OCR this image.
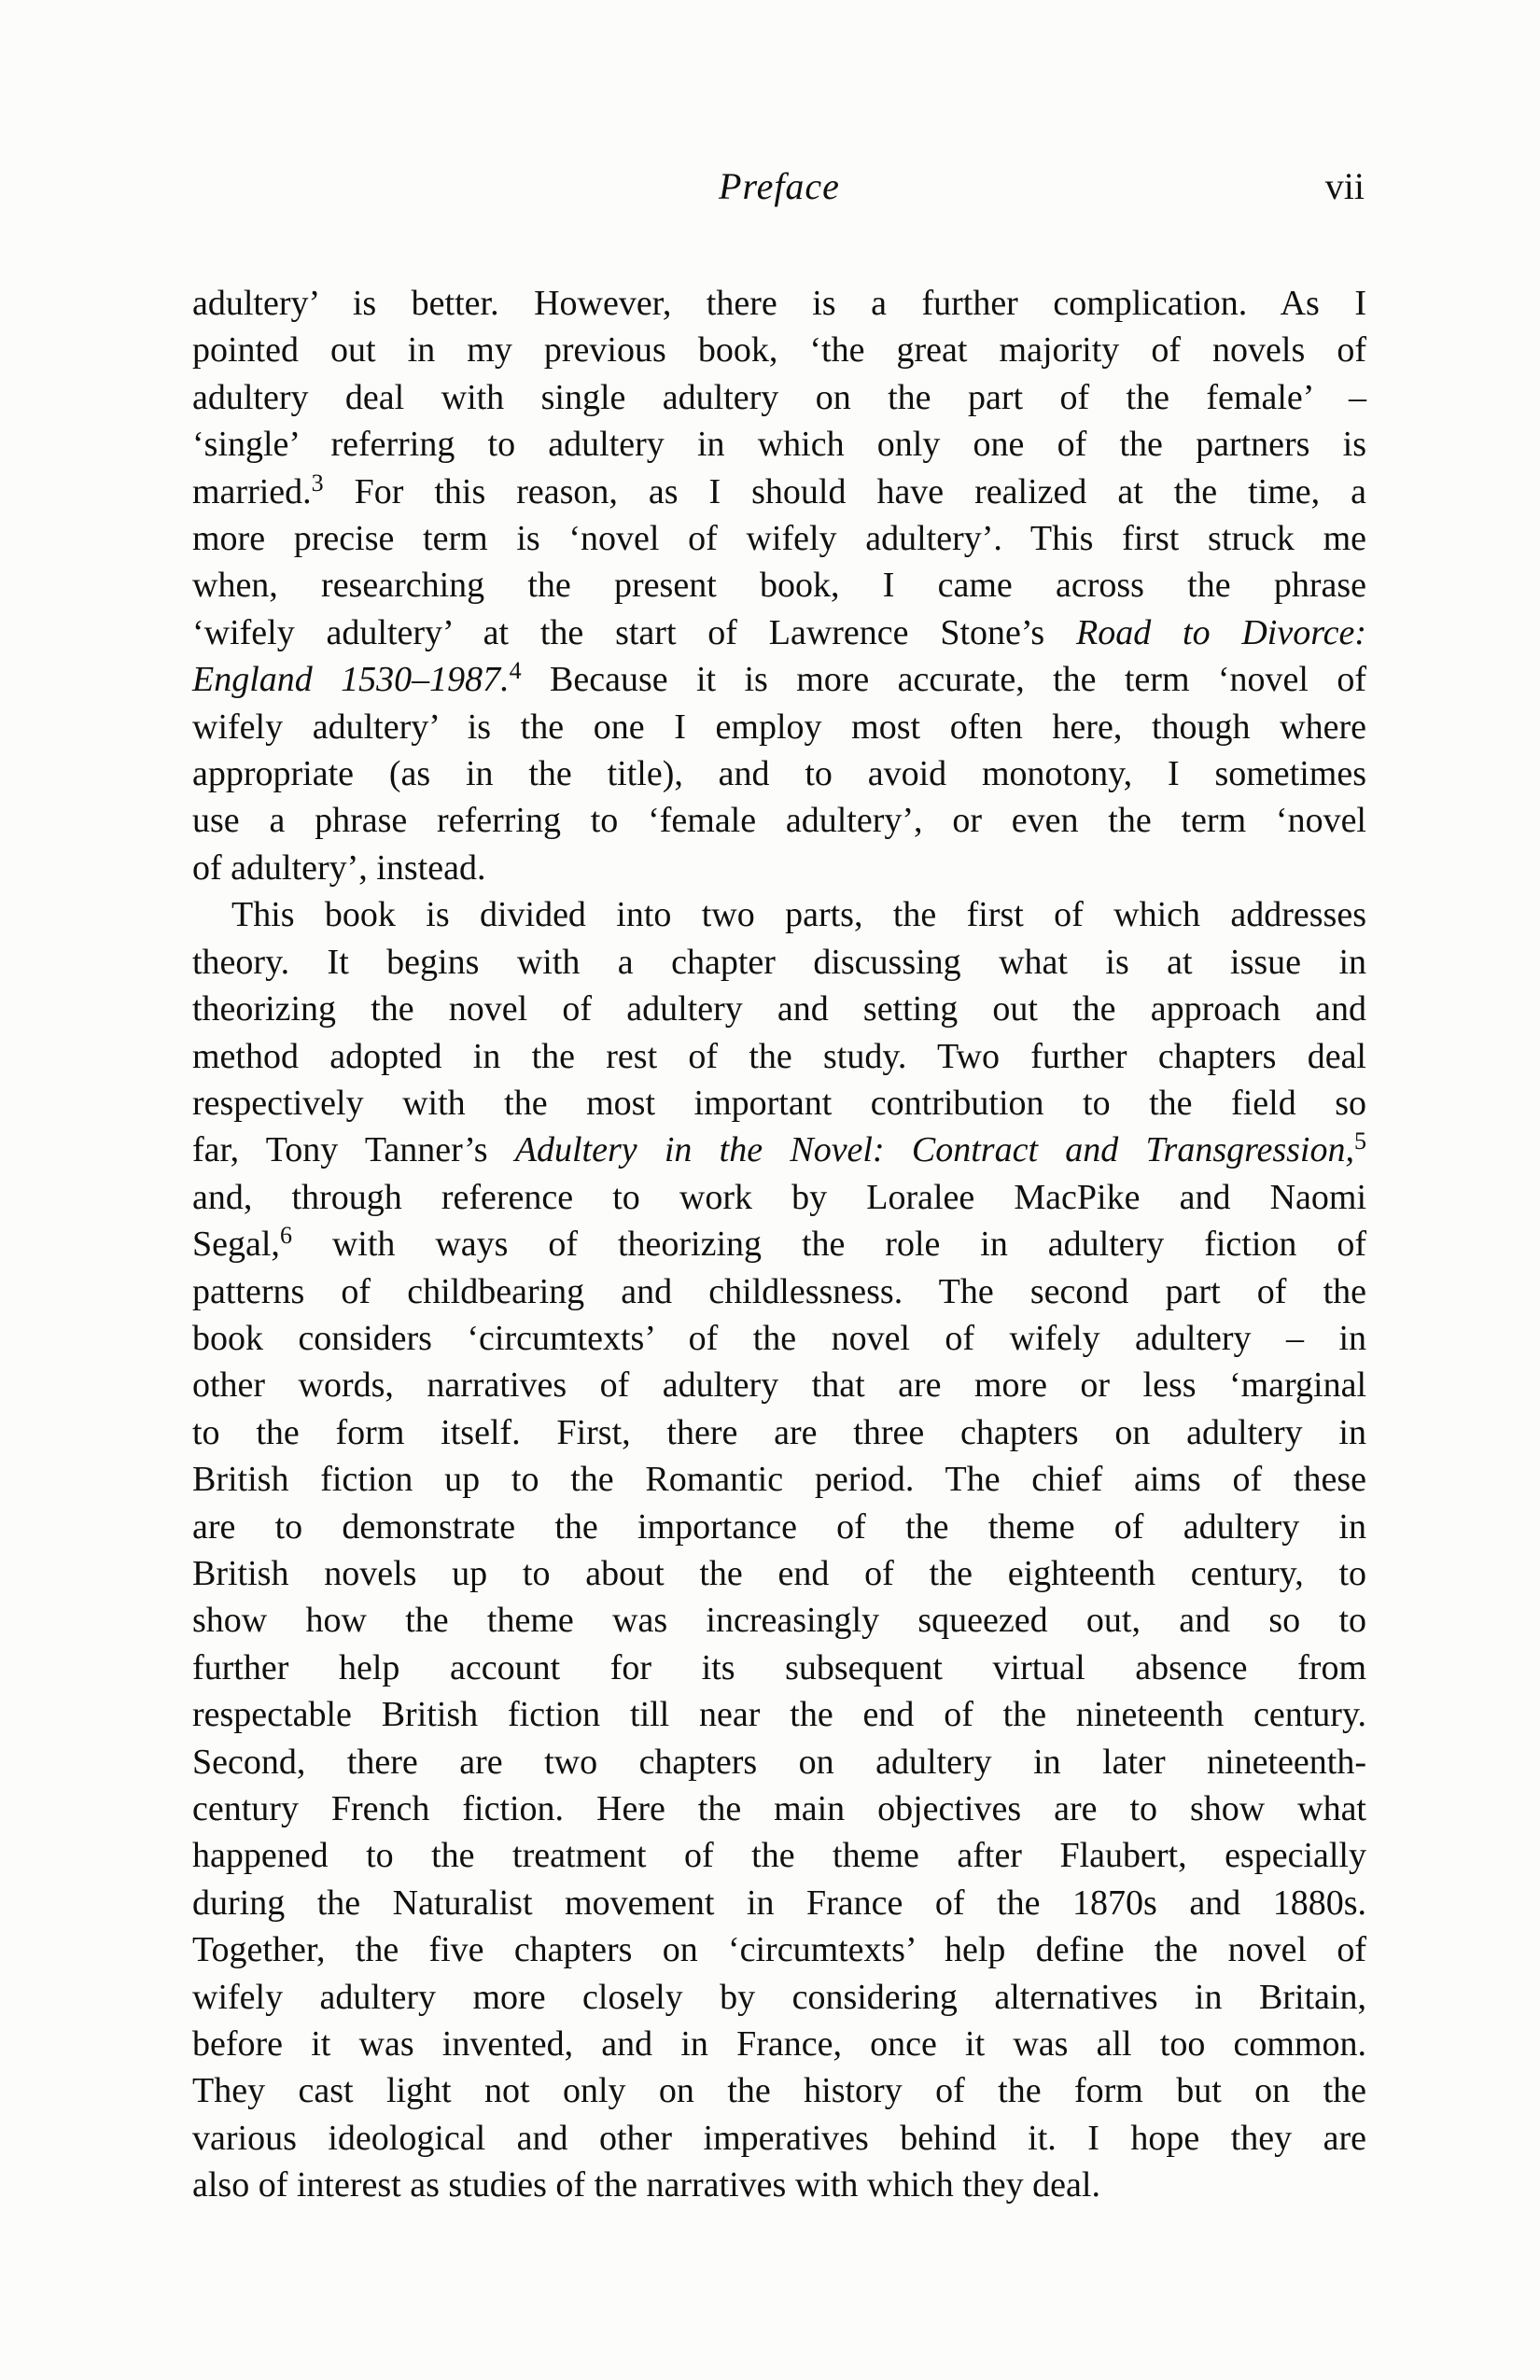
Preface	vii
adultery’ is better. However, there is a further complication. As I
pointed out in my previous book, ‘the great majority of novels of
adultery deal with single adultery on the part of the female’ –
‘single’ referring to adultery in which only one of the partners is
married.$^3$ For this reason, as I should have realized at the time, a
more precise term is ‘novel of wifely adultery’. This first struck me
when, researching the present book, I came across the phrase
‘wifely adultery’ at the start of Lawrence Stone’s Road to Divorce:
England 1530–1987.$^4$ Because it is more accurate, the term ‘novel of
wifely adultery’ is the one I employ most often here, though where
appropriate (as in the title), and to avoid monotony, I sometimes
use a phrase referring to ‘female adultery’, or even the term ‘novel
of adultery’, instead.
This book is divided into two parts, the first of which addresses
theory. It begins with a chapter discussing what is at issue in
theorizing the novel of adultery and setting out the approach and
method adopted in the rest of the study. Two further chapters deal
respectively with the most important contribution to the field so
far, Tony Tanner’s Adultery in the Novel: Contract and Transgression,$^5$
and, through reference to work by Loralee MacPike and Naomi
Segal,$^6$ with ways of theorizing the role in adultery fiction of
patterns of childbearing and childlessness. The second part of the
book considers ‘circumtexts’ of the novel of wifely adultery – in
other words, narratives of adultery that are more or less ‘marginal
to the form itself. First, there are three chapters on adultery in
British fiction up to the Romantic period. The chief aims of these
are to demonstrate the importance of the theme of adultery in
British novels up to about the end of the eighteenth century, to
show how the theme was increasingly squeezed out, and so to
further help account for its subsequent virtual absence from
respectable British fiction till near the end of the nineteenth century.
Second, there are two chapters on adultery in later nineteenth-
century French fiction. Here the main objectives are to show what
happened to the treatment of the theme after Flaubert, especially
during the Naturalist movement in France of the 1870s and 1880s.
Together, the five chapters on ‘circumtexts’ help define the novel of
wifely adultery more closely by considering alternatives in Britain,
before it was invented, and in France, once it was all too common.
They cast light not only on the history of the form but on the
various ideological and other imperatives behind it. I hope they are
also of interest as studies of the narratives with which they deal.
